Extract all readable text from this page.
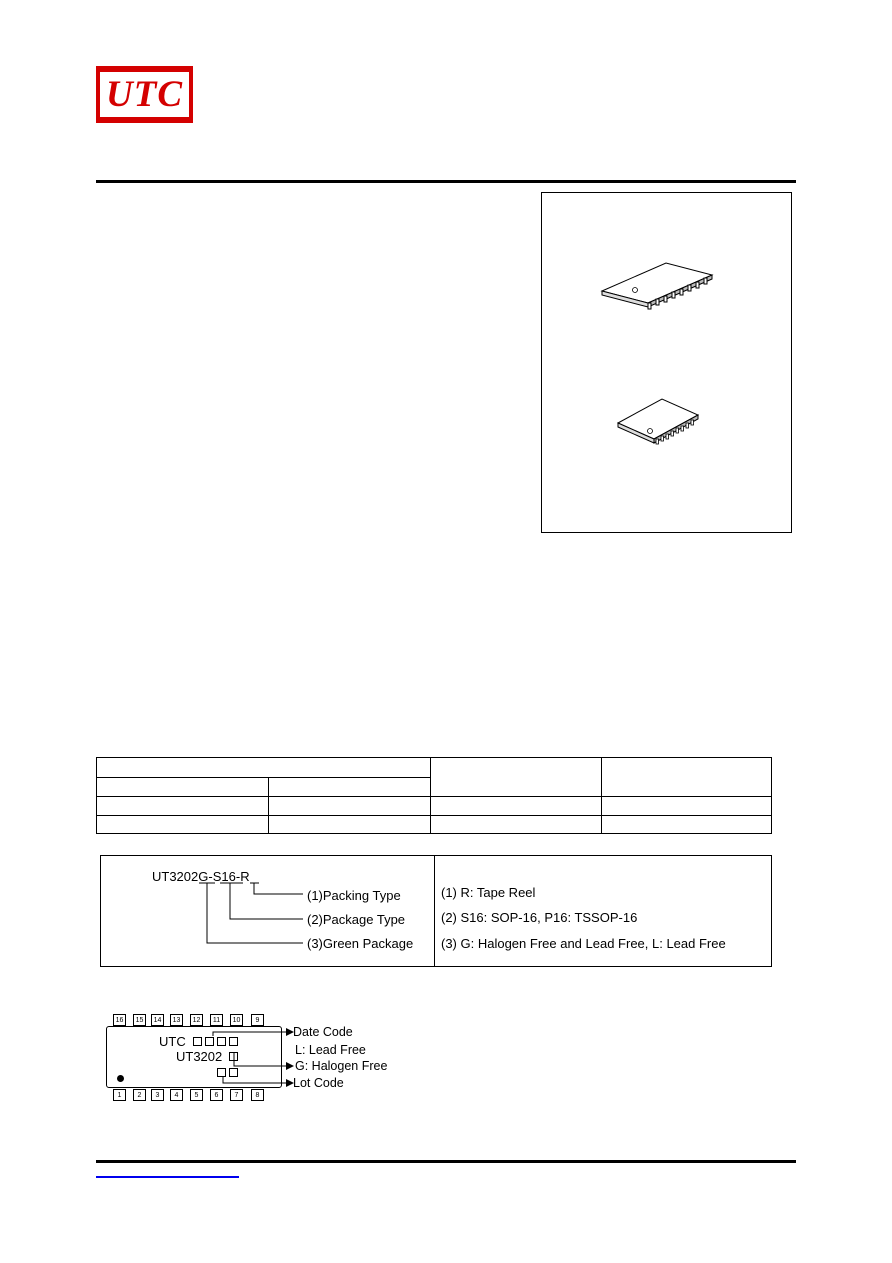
UTC
UT3202G-S16-R
(1)Packing Type
(2)Package Type
(3)Green Package
(1) R: Tape Reel
(2) S16: SOP-16, P16: TSSOP-16
(3) G: Halogen Free and Lead Free, L: Lead Free
16	15	14	13	12	11	10	9
1	2	3	4	5	6	7	8
UTC
UT3202
Date Code
L: Lead Free
G: Halogen Free
Lot Code
